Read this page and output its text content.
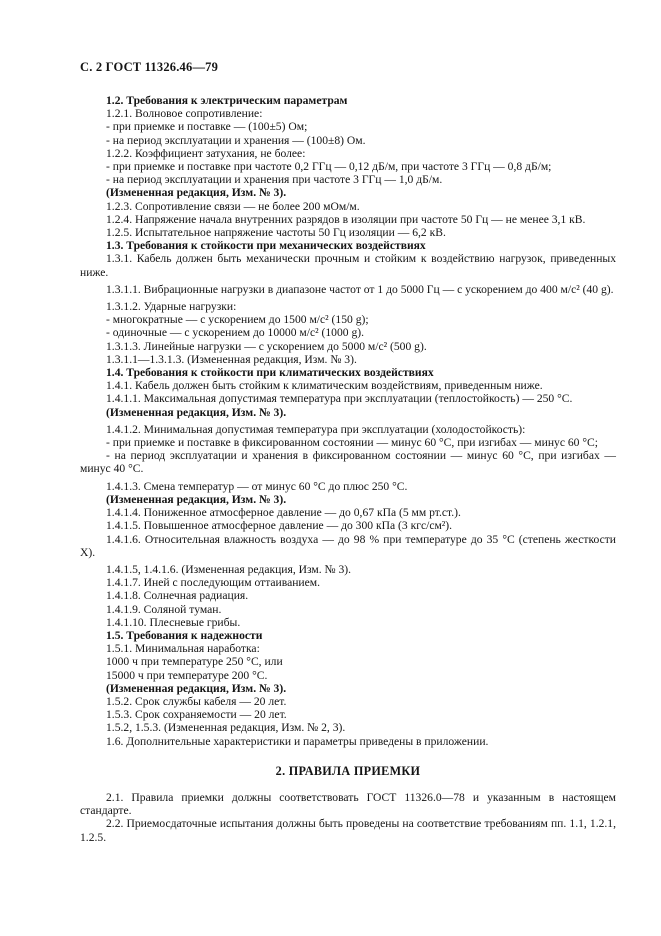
С. 2 ГОСТ 11326.46—79

1.2. Требования к электрическим параметрам

1.2.1. Волновое сопротивление:

- при приемке и поставке — (100±5) Ом;

- на период эксплуатации и хранения — (100±8) Ом.

1.2.2. Коэффициент затухания, не более:

- при приемке и поставке при частоте 0,2 ГГц — 0,12 дБ/м, при частоте 3 ГГц — 0,8 дБ/м;

- на период эксплуатации и хранения при частоте 3 ГГц — 1,0 дБ/м.

(Измененная редакция, Изм. № 3).

1.2.3. Сопротивление связи — не более 200 мОм/м.

1.2.4. Напряжение начала внутренних разрядов в изоляции при частоте 50 Гц — не менее 3,1 кВ.

1.2.5. Испытательное напряжение частоты 50 Гц изоляции — 6,2 кВ.

1.3. Требования к стойкости при механических воздействиях

1.3.1. Кабель должен быть механически прочным и стойким к воздействию нагрузок, приведенных ниже.

1.3.1.1. Вибрационные нагрузки в диапазоне частот от 1 до 5000 Гц — с ускорением до 400 м/с² (40 g).

1.3.1.2. Ударные нагрузки:

- многократные — с ускорением до 1500 м/с² (150 g);

- одиночные — с ускорением до 10000 м/с² (1000 g).

1.3.1.3. Линейные нагрузки — с ускорением до 5000 м/с² (500 g).

1.3.1.1—1.3.1.3. (Измененная редакция, Изм. № 3).

1.4. Требования к стойкости при климатических воздействиях

1.4.1. Кабель должен быть стойким к климатическим воздействиям, приведенным ниже.

1.4.1.1. Максимальная допустимая температура при эксплуатации (теплостойкость) — 250 °С.

(Измененная редакция, Изм. № 3).

1.4.1.2. Минимальная допустимая температура при эксплуатации (холодостойкость):

- при приемке и поставке в фиксированном состоянии — минус 60 °С, при изгибах — минус 60 °С;

- на период эксплуатации и хранения в фиксированном состоянии — минус 60 °С, при изгибах — минус 40 °С.

1.4.1.3. Смена температур — от минус 60 °С до плюс 250 °С.

(Измененная редакция, Изм. № 3).

1.4.1.4. Пониженное атмосферное давление — до 0,67 кПа (5 мм рт.ст.).

1.4.1.5. Повышенное атмосферное давление — до 300 кПа (3 кгс/см²).

1.4.1.6. Относительная влажность воздуха — до 98 % при температуре до 35 °С (степень жесткости Х).

1.4.1.5, 1.4.1.6. (Измененная редакция, Изм. № 3).

1.4.1.7. Иней с последующим оттаиванием.

1.4.1.8. Солнечная радиация.

1.4.1.9. Соляной туман.

1.4.1.10. Плесневые грибы.

1.5. Требования к надежности

1.5.1. Минимальная наработка:

1000 ч при температуре 250 °С, или

15000 ч при температуре 200 °С.

(Измененная редакция, Изм. № 3).

1.5.2. Срок службы кабеля — 20 лет.

1.5.3. Срок сохраняемости — 20 лет.

1.5.2, 1.5.3. (Измененная редакция, Изм. № 2, 3).

1.6. Дополнительные характеристики и параметры приведены в приложении.

2. ПРАВИЛА ПРИЕМКИ

2.1. Правила приемки должны соответствовать ГОСТ 11326.0—78 и указанным в настоящем стандарте.

2.2. Приемосдаточные испытания должны быть проведены на соответствие требованиям пп. 1.1, 1.2.1, 1.2.5.
